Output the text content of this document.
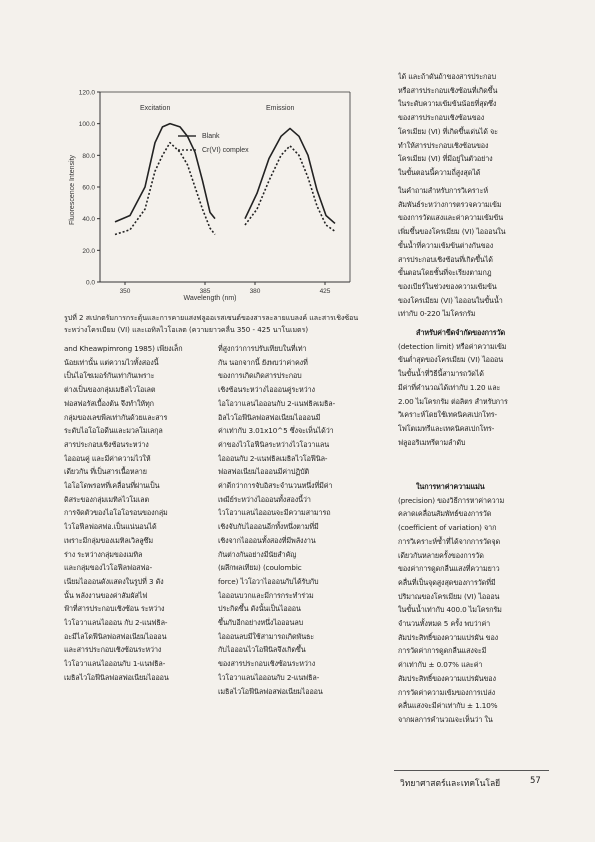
120.0
100.0
80.0
60.0
40.0
20.0
0.0
350	385	380	425
Fluorescence Intensity
Wavelength (nm)
Excitation	Emission
Blank
Cr(VI) complex

รูปที่ 2 สเปกตรัมการกระตุ้นและการคายแสงฟลูออเรสเซนต์ของสารละลายแบลงค์ และสารเชิงซ้อน

ระหว่างโครเมียม (VI) และเอทิลไวโอเลต (ความยาวคลื่น 350 - 425 นาโนเมตร)

and Kheawpimrong 1985) เพียงเล็ก

น้อยเท่านั้น แต่ความไวทั้งสองนี้

เป็นไอโซเมอร์กันเท่ากันเพราะ

ต่างเป็นของกลุ่มเมธิลไวโอเลต

ฟอสฟอรัสเบื้องต้น จึงทำให้ทุก

กลุ่มของเลขพีลเท่ากันด้วยและสาร

ระดับไอโอโอดีนและมวลโมเลกุล

สารประกอบเชิงซ้อนระหว่าง

ไอออนคู่ และมีค่าความไวให้

เดียวกัน ที่เป็นสารเนื้อหลาย

ไอโอโดพรอทที่เคลื่อนที่ผ่านเป็น

ดิสระของกลุ่มเมทิลไวโมเลต

การจัดตัวของไอโอโอรอนของกลุ่ม

ไวโอฟีลฟอสฟอ.เป็นแน่นอนได้

เพราะมีกลุ่มของเมทิลเวิลลูซึม

ร่าง ระหว่างกลุ่มของเมทิล

และกลุ่มของไวโอฟีลฟอสฟอ-

เนียมไอออนดังแสดงในรูปที่ 3 ดัง

นั้น พลังงานของค่าสัมผัสไฟ

ฟ้าที่สารประกอบเชิงซ้อน ระหว่าง

ไวโอวาแลนไอออน กับ 2-แนฟธิล-

อะมีไลโดฟีนิลฟอสฟอเนียมไอออน

และสารประกอบเชิงซ้อนระหว่าง

ไวโอวาแลนไอออนกับ 1-แนฟธิล-

เมธิลไวโอฟีนิลฟอสฟอเนียมไอออน

ที่สูงกว่าการปรับเทียบในที่เท่า

กัน นอกจากนี้ ยังพบว่าค่าคงที่

ของการเกิดเกิดสารประกอบ

เชิงซ้อนระหว่างไอออนคู่ระหว่าง

ไอโอวาแลนไอออนกับ 2-แนฟธิลเมธิล-

อิลไวโอฟีนิลฟอสฟอเนียมไอออนมี

ค่าเท่ากับ 3.01x10^5 ซึ่งจะเห็นได้ว่า

ค่าของไวโอฟีนิลระหว่างไวโอวาแลน

ไอออนกับ 2-แนฟธิลเมธิลไวโอฟีนิล-

ฟอสฟอเนียมไอออนมีค่าปฏิบัติ

ค่าดีกว่าการจับอิสระจำนวนหนึ่งที่มีค่า

เพมีย์ระหว่างไอออนทั้งสองนี้ว่า

ไวโอวาแลนไอออนจะมีความสามารถ

เชิงจับกับไอออนอีกทั้งหนึ่งตามที่มี

เชิงจากไอออนทั้งสองที่มีพลังงาน

กันต่างกันอย่างมีนัยสำคัญ

(ผลึกพลเทียม) (coulombic

force) ไวโอวาไอออนกับได้รับกับ

ไอออนบวกและมีการกระทำร่วม

ประกิดขึ้น ดังนั้นเป็นไอออน

ขึ้นกับอีกอย่างหนึ่งไอออนลบ

ไอออนลบมีใช้สามารถเกิดพันธะ

กับไอออนไวโอฟีนิลจึงเกิดขึ้น

ของสารประกอบเชิงซ้อนระหว่าง

ไวโอวาแลนไอออนกับ 2-แนฟธิล-

เมธิลไวโอฟีนิลฟอสฟอเนียมไอออน

ได้ และถ้าดันถ้าของสารประกอบ

หรือสารประกอบเชิงซ้อนที่เกิดขึ้น

ในระดับความเข้มข้นน้อยที่สุดซึ่ง

ของสารประกอบเชิงซ้อนของ

โครเมียม (VI) ที่เกิดขึ้นเด่นได้ จะ

ทำให้สารประกอบเชิงซ้อนของ

โครเมียม (VI) ที่มีอยู่ในตัวอย่าง

ในขั้นตอนนี้ความถี่สูงสุดได้

ในคำถามสำหรับการวิเคราะห์

สัมพันธ์ระหว่างการตรวจความเข้ม

ของการวัดแสงและค่าความเข้มข้น

เพิ่มขึ้นของโครเมียม (VI) ไอออนใน

ขั้นน้ำที่ความเข้มข้นต่างกันของ

สารประกอบเชิงซ้อนที่เกิดขึ้นได้

ขั้นตอนโดยชั้นที่จะเรียงตามกฎ

ของเบียร์ในช่วงของความเข้มข้น

ของโครเมียม (VI) ไอออนในขั้นน้ำ

เท่ากับ 0-220 ไมโครกรัม

สำหรับค่าขีดจำกัดของการวัด

(detection limit) หรือค่าความเข้ม

ข้นต่ำสุดของโครเมียม (VI) ไอออน

ในขั้นน้ำที่วิธีนี้สามารถวัดได้

มีค่าที่คำนวณได้เท่ากับ 1.20 และ

2.00 ไมโครกรัม ต่อลิตร สำหรับการ

วิเคราะห์โดยใช้เทคนิคสเปกโทร-

โฟโตเมทรีและเทคนิคสเปกโทร-

ฟลูออริเมทรีตามลำดับ

ในการหาค่าความแม่น

(precision) ของวิธีการหาค่าความ

คลาดเคลื่อนสัมพัทธ์ของการวัด

(coefficient of variation) จาก

การวิเคราะห์ซ้ำที่ได้จากการวัดจุด

เดียวกันหลายครั้งของการวัด

ของค่าการดูดกลืนแสงที่ความยาว

คลื่นที่เป็นจุดสูงสุดของการวัดที่มี

ปริมาณของโครเมียม (VI) ไอออน

ในขั้นน้ำเท่ากับ 400.0 ไมโครกรัม

จำนวนทั้งหมด 5 ครั้ง พบว่าค่า

สัมประสิทธิ์ของความแปรผัน ของ

การวัดค่าการดูดกลืนแสงจะมี

ค่าเท่ากับ ± 0.07% และค่า

สัมประสิทธิ์ของความแปรผันของ

การวัดค่าความเข้มของการเปล่ง

คลื่นแสงจะมีค่าเท่ากับ ± 1.10%

จากผลการคำนวณจะเห็นว่า ใน

วิทยาศาสตร์และเทคโนโลยี	57
